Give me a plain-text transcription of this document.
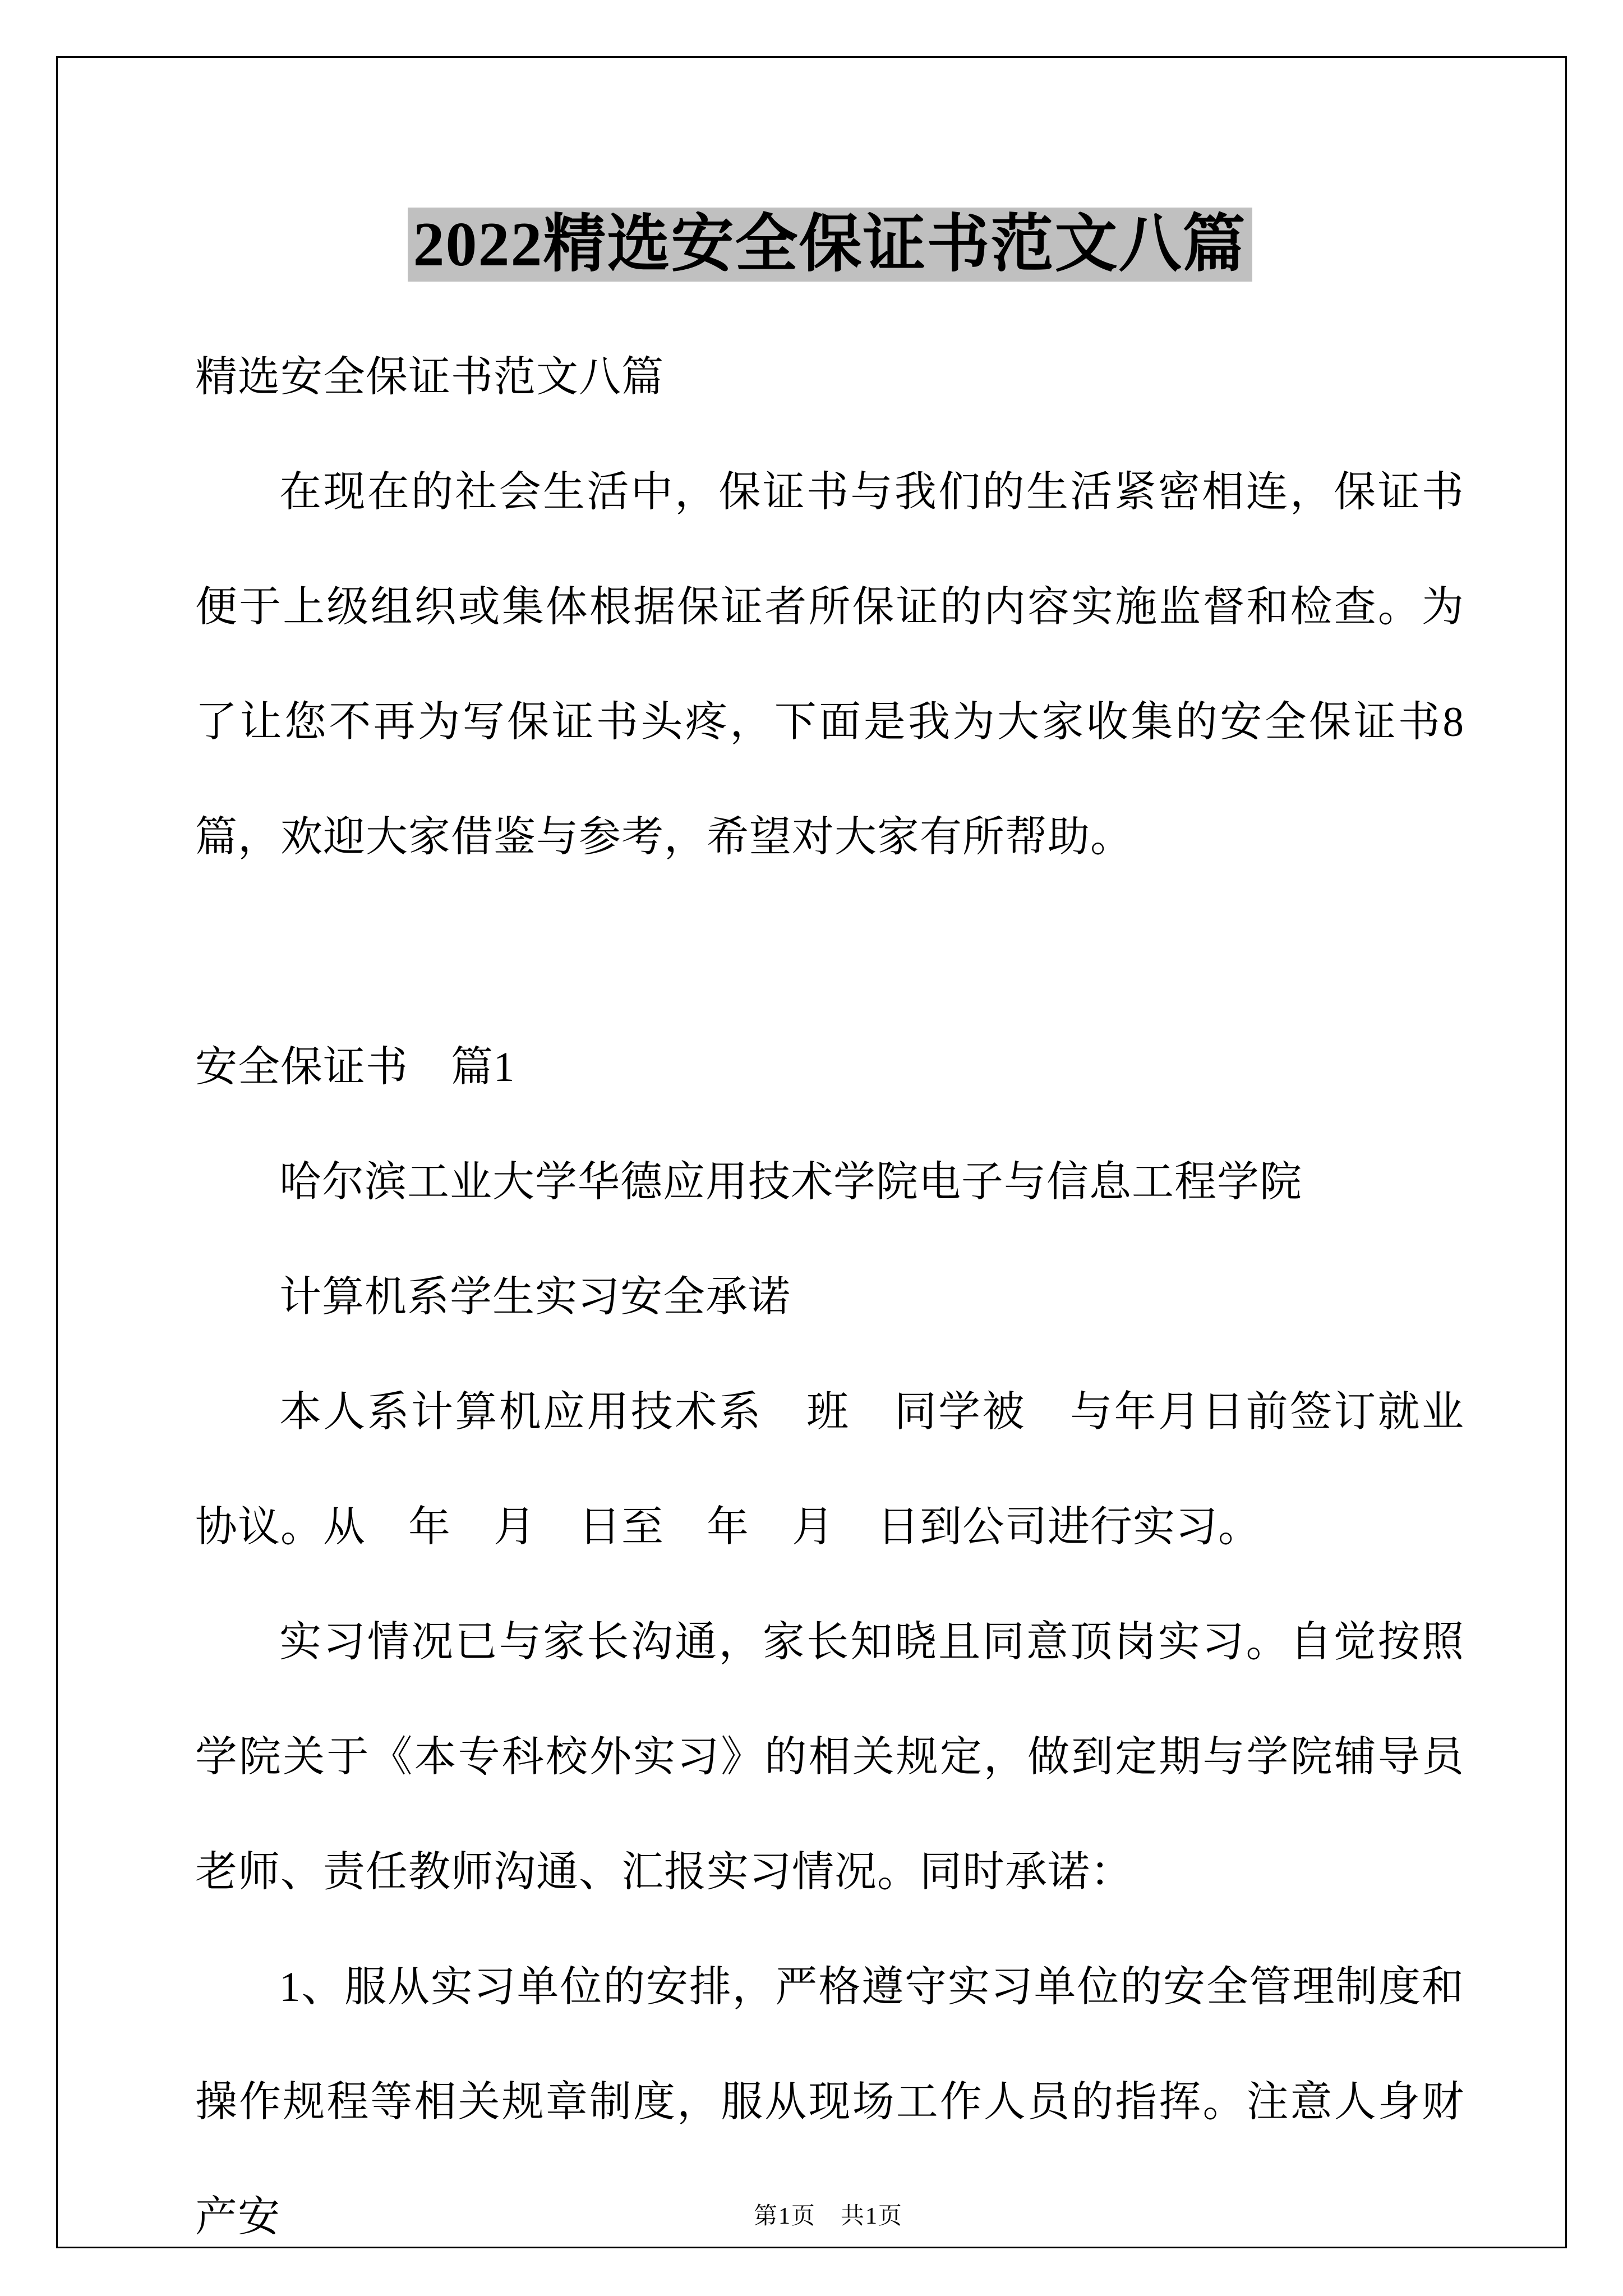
2022精选安全保证书范文八篇

精选安全保证书范文八篇

在现在的社会生活中，保证书与我们的生活紧密相连，保证书便于上级组织或集体根据保证者所保证的内容实施监督和检查。为了让您不再为写保证书头疼，下面是我为大家收集的安全保证书8篇，欢迎大家借鉴与参考，希望对大家有所帮助。

安全保证书　篇1

哈尔滨工业大学华德应用技术学院电子与信息工程学院

计算机系学生实习安全承诺

本人系计算机应用技术系　班　同学被　与年月日前签订就业协议。从　年　月　日至　年　月　日到公司进行实习。

实习情况已与家长沟通，家长知晓且同意顶岗实习。自觉按照学院关于《本专科校外实习》的相关规定，做到定期与学院辅导员老师、责任教师沟通、汇报实习情况。同时承诺：

1、服从实习单位的安排，严格遵守实习单位的安全管理制度和操作规程等相关规章制度，服从现场工作人员的指挥。注意人身财产安	第1页　共1页
